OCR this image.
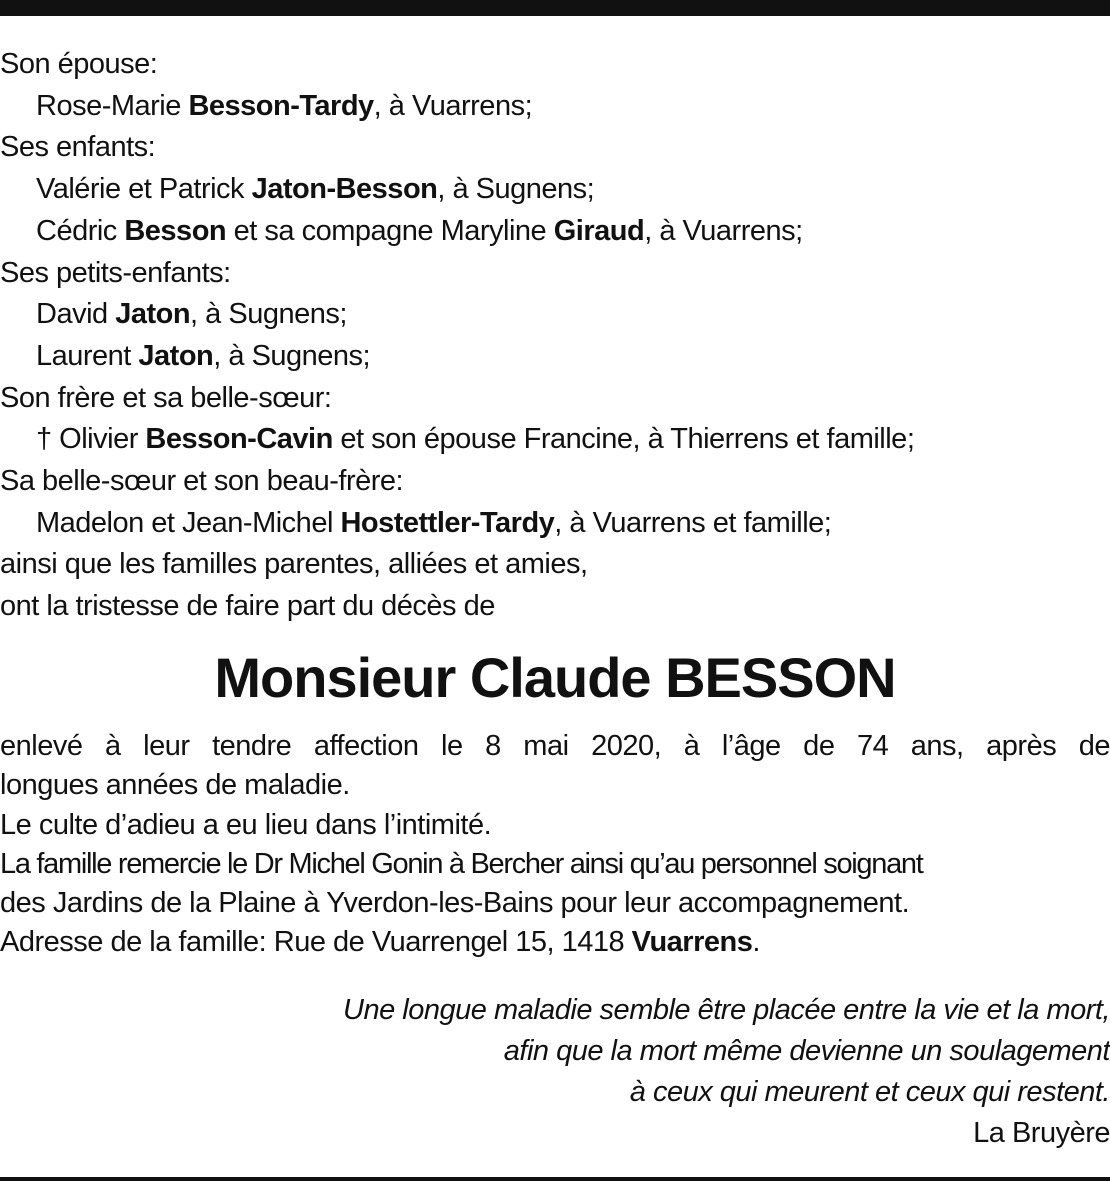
Son épouse:
Rose-Marie Besson-Tardy, à Vuarrens;
Ses enfants:
Valérie et Patrick Jaton-Besson, à Sugnens;
Cédric Besson et sa compagne Maryline Giraud, à Vuarrens;
Ses petits-enfants:
David Jaton, à Sugnens;
Laurent Jaton, à Sugnens;
Son frère et sa belle-sœur:
† Olivier Besson-Cavin et son épouse Francine, à Thierrens et famille;
Sa belle-sœur et son beau-frère:
Madelon et Jean-Michel Hostettler-Tardy, à Vuarrens et famille;
ainsi que les familles parentes, alliées et amies,
ont la tristesse de faire part du décès de
Monsieur Claude BESSON
enlevé à leur tendre affection le 8 mai 2020, à l’âge de 74 ans, après de
longues années de maladie.
Le culte d’adieu a eu lieu dans l’intimité.
La famille remercie le Dr Michel Gonin à Bercher ainsi qu’au personnel soignant
des Jardins de la Plaine à Yverdon-les-Bains pour leur accompagnement.
Adresse de la famille: Rue de Vuarrengel 15, 1418 Vuarrens.
Une longue maladie semble être placée entre la vie et la mort,
afin que la mort même devienne un soulagement
à ceux qui meurent et ceux qui restent.
La Bruyère
